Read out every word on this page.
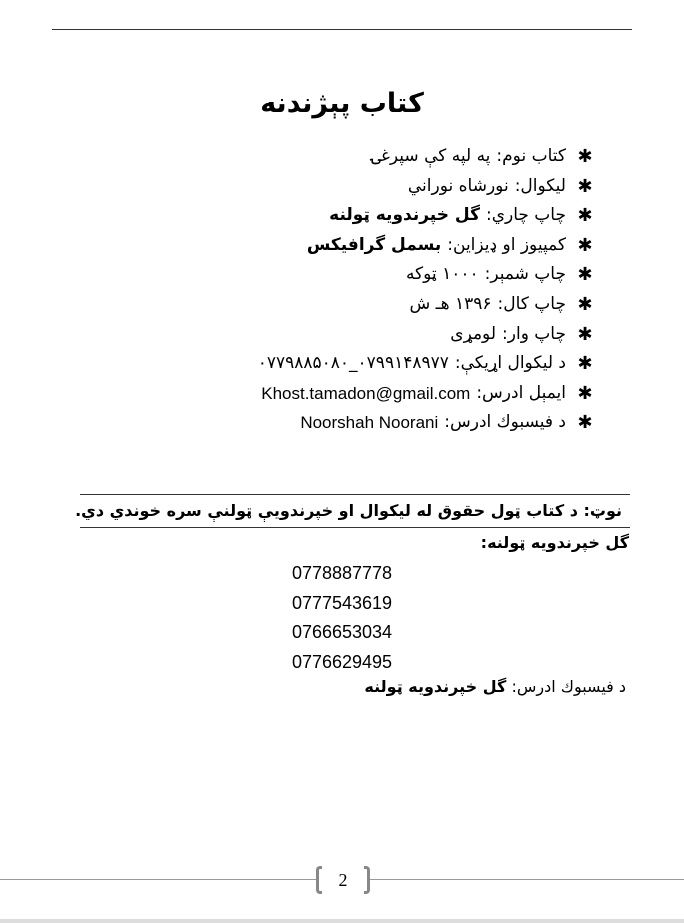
كتاب پېژندنه
✱
كتاب نوم:
په لپه کې سپرغۍ
✱
ليکوال:
نورشاه نوراني
✱
چاپ چاري:
گل خپرندويه ټولنه
✱
کمپيوز او ډيزاين:
بسمل گرافيكس
✱
چاپ شمېر:
۱۰۰۰ ټوکه
✱
چاپ کال:
۱۳۹۶ هـ ش
✱
چاپ وار:
لومړی
✱
د ليکوال اړيکې:
۰۷۹۹۱۴۸۹۷۷_۰۷۷۹۸۸۵۰۸۰
✱
ايمېل ادرس:
Khost.tamadon@gmail.com
✱
د فيسبوك ادرس:
Noorshah Noorani
نوټ: د کتاب ټول حقوق له ليکوال او خپرندويې ټولنې سره خوندي دي.
گل خپرندويه ټولنه:
0778887778
0777543619
0766653034
0776629495
د فيسبوك ادرس: گل خپرندويه ټولنه
2
